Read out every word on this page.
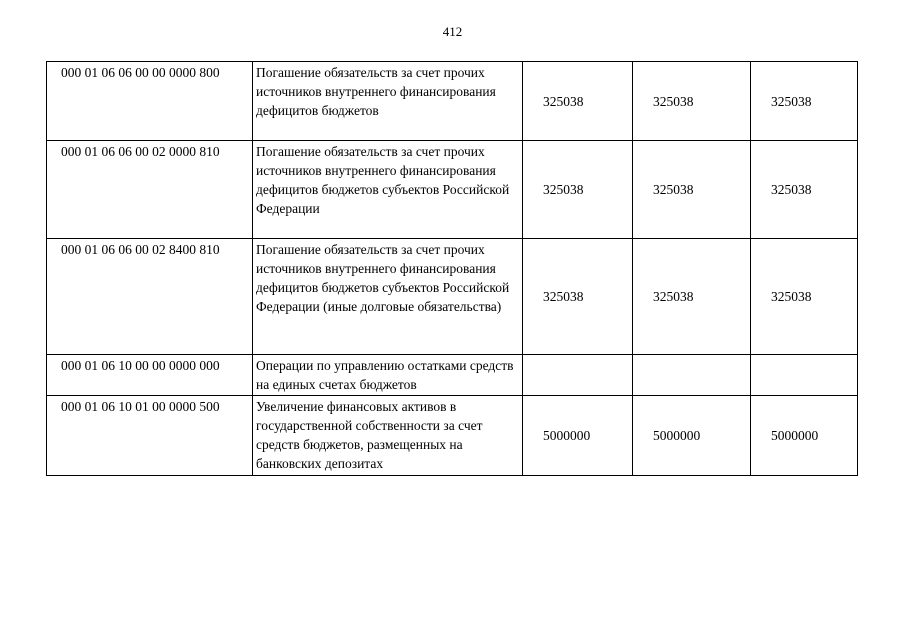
412
000 01 06 06 00 00 0000 800	Погашение обязательств за счет прочих источников внутреннего финансирования дефицитов бюджетов	325038	325038	325038
000 01 06 06 00 02 0000 810	Погашение обязательств за счет прочих источников внутреннего финансирования дефицитов бюджетов субъектов Российской Федерации	325038	325038	325038
000 01 06 06 00 02 8400 810	Погашение обязательств за счет прочих источников внутреннего финансирования дефицитов бюджетов субъектов Российской Федерации (иные долговые обязательства)	325038	325038	325038
000 01 06 10 00 00 0000 000	Операции по управлению остатками средств на единых счетах бюджетов			
000 01 06 10 01 00 0000 500	Увеличение финансовых активов в государственной собственности за счет средств бюджетов, размещенных на банковских депозитах	5000000	5000000	5000000
